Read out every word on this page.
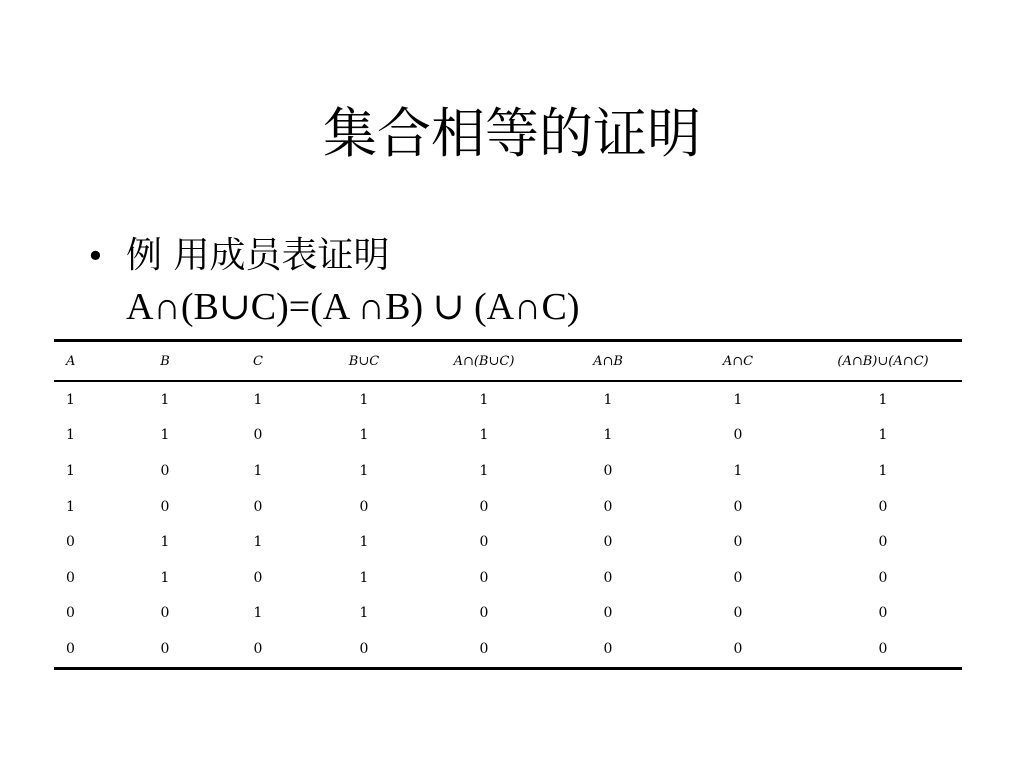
集合相等的证明
• 例 用成员表证明
A∩(B∪C)=(A ∩B) ∪ (A∩C)
A	B	C	B∪C	A∩(B∪C)	A∩B	A∩C	(A∩B)∪(A∩C)
1	1	1	1	1	1	1	1
1	1	0	1	1	1	0	1
1	0	1	1	1	0	1	1
1	0	0	0	0	0	0	0
0	1	1	1	0	0	0	0
0	1	0	1	0	0	0	0
0	0	1	1	0	0	0	0
0	0	0	0	0	0	0	0
